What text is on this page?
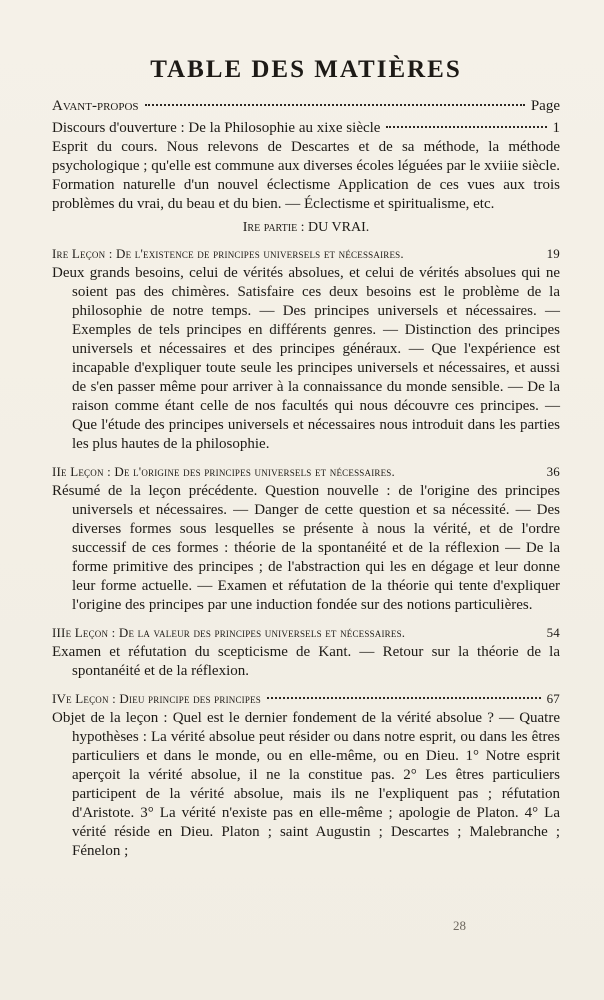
TABLE DES MATIÈRES
Avant-propos	Page
Discours d'ouverture : De la Philosophie au xixe siècle	1

Esprit du cours. Nous relevons de Descartes et de sa méthode, la méthode psychologique ; qu'elle est commune aux diverses écoles léguées par le xviiie siècle. Formation naturelle d'un nouvel éclectisme Application de ces vues aux trois problèmes du vrai, du beau et du bien. — Éclectisme et spiritualisme, etc.

Ire partie : DU VRAI.
Ire Leçon : De l'existence de principes universels et nécessaires.	19

Deux grands besoins, celui de vérités absolues, et celui de vérités absolues qui ne soient pas des chimères. Satisfaire ces deux besoins est le problème de la philosophie de notre temps. — Des principes universels et nécessaires. — Exemples de tels principes en différents genres. — Distinction des principes universels et nécessaires et des principes généraux. — Que l'expérience est incapable d'expliquer toute seule les principes universels et nécessaires, et aussi de s'en passer même pour arriver à la connaissance du monde sensible. — De la raison comme étant celle de nos facultés qui nous découvre ces principes. — Que l'étude des principes universels et nécessaires nous introduit dans les parties les plus hautes de la philosophie.

IIe Leçon : De l'origine des principes universels et nécessaires.	36

Résumé de la leçon précédente. Question nouvelle : de l'origine des principes universels et nécessaires. — Danger de cette question et sa nécessité. — Des diverses formes sous lesquelles se présente à nous la vérité, et de l'ordre successif de ces formes : théorie de la spontanéité et de la réflexion — De la forme primitive des principes ; de l'abstraction qui les en dégage et leur donne leur forme actuelle. — Examen et réfutation de la théorie qui tente d'expliquer l'origine des principes par une induction fondée sur des notions particulières.

IIIe Leçon : De la valeur des principes universels et nécessaires.	54

Examen et réfutation du scepticisme de Kant. — Retour sur la théorie de la spontanéité et de la réflexion.

IVe Leçon : Dieu principe des principes	67

Objet de la leçon : Quel est le dernier fondement de la vérité absolue ? — Quatre hypothèses : La vérité absolue peut résider ou dans notre esprit, ou dans les êtres particuliers et dans le monde, ou en elle-même, ou en Dieu. 1° Notre esprit aperçoit la vérité absolue, il ne la constitue pas. 2° Les êtres particuliers participent de la vérité absolue, mais ils ne l'expliquent pas ; réfutation d'Aristote. 3° La vérité n'existe pas en elle-même ; apologie de Platon. 4° La vérité réside en Dieu. Platon ; saint Augustin ; Descartes ; Malebranche ; Fénelon ;

28
